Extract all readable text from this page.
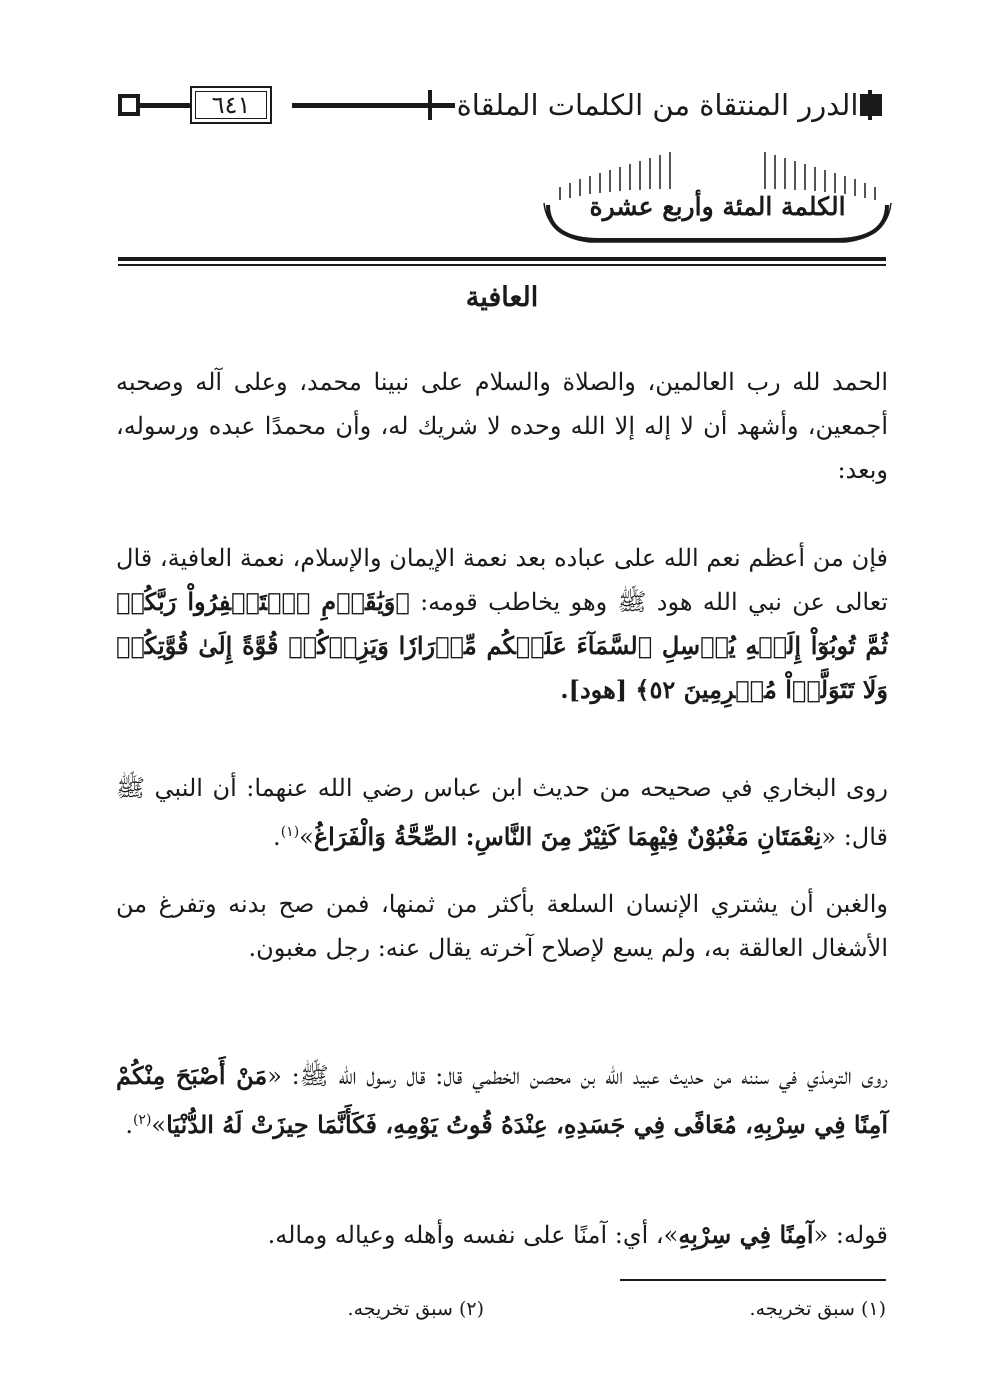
الدرر المنتقاة من الكلمات الملقاة
٦٤١
الكلمة المئة وأربع عشرة
العافية

الحمد لله رب العالمين، والصلاة والسلام على نبينا محمد، وعلى آله وصحبه أجمعين، وأشهد أن لا إله إلا الله وحده لا شريك له، وأن محمدًا عبده ورسوله، وبعد:

فإن من أعظم نعم الله على عباده بعد نعمة الإيمان والإسلام، نعمة العافية، قال تعالى عن نبي الله هود ﷺ وهو يخاطب قومه: ﴿وَيَٰقَوۡمِ ٱسۡتَغۡفِرُواْ رَبَّكُمۡ ثُمَّ تُوبُوٓاْ إِلَيۡهِ يُرۡسِلِ ٱلسَّمَآءَ عَلَيۡكُم مِّدۡرَارٗا وَيَزِدۡكُمۡ قُوَّةً إِلَىٰ قُوَّتِكُمۡ وَلَا تَتَوَلَّوۡاْ مُجۡرِمِينَ ٥٢﴾ [هود].

روى البخاري في صحيحه من حديث ابن عباس رضي الله عنهما: أن النبي ﷺ قال: «نِعْمَتَانِ مَغْبُوْنٌ فِيْهِمَا كَثِيْرٌ مِنَ النَّاسِ: الصِّحَّةُ وَالْفَرَاغُ»$^{(١)}$.

والغبن أن يشتري الإنسان السلعة بأكثر من ثمنها، فمن صح بدنه وتفرغ من الأشغال العالقة به، ولم يسع لإصلاح آخرته يقال عنه: رجل مغبون.

روى الترمذي في سننه من حديث عبيد الله بن محصن الخطمي قال: قال رسول الله ﷺ: «مَنْ أَصْبَحَ مِنْكُمْ آمِنًا فِي سِرْبِهِ، مُعَافًى فِي جَسَدِهِ، عِنْدَهُ قُوتُ يَوْمِهِ، فَكَأَنَّمَا حِيزَتْ لَهُ الدُّنْيَا»$^{(٢)}$.

قوله: «آمِنًا فِي سِرْبِهِ»، أي: آمنًا على نفسه وأهله وعياله وماله.

(١) سبق تخريجه.
(٢) سبق تخريجه.
